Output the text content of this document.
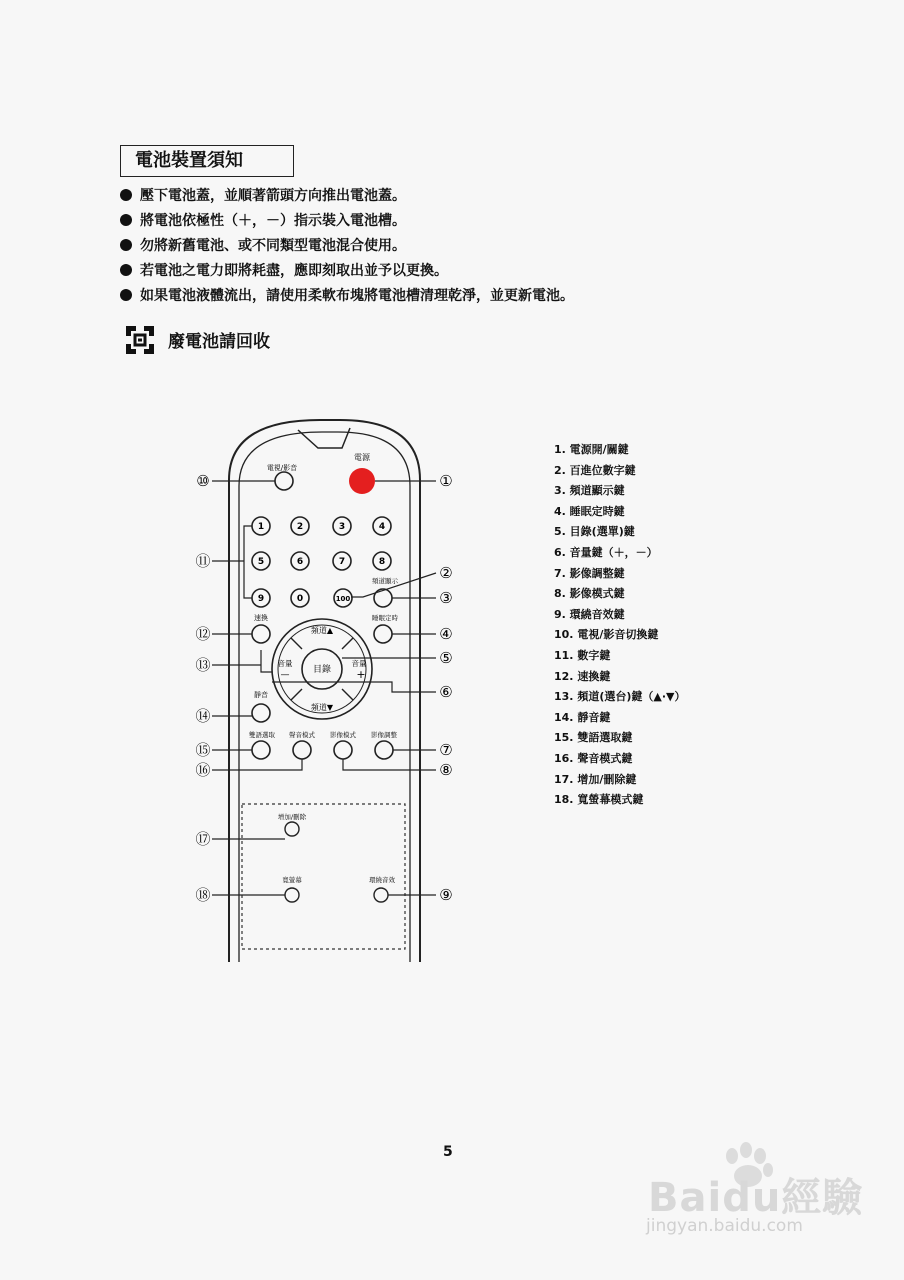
電池裝置須知
壓下電池蓋，並順著箭頭方向推出電池蓋。
將電池依極性（＋，－）指示裝入電池槽。
勿將新舊電池、或不同類型電池混合使用。
若電池之電力即將耗盡，應即刻取出並予以更換。
如果電池液體流出，請使用柔軟布塊將電池槽清理乾淨，並更新電池。
廢電池請回收
電視/影音
電源
1	2	3	4
5	6	7	8
9	0	100
頻道顯示
速換	睡眠定時
目錄
頻道▲
頻道▼
音量
—
音量
+
靜音
雙語選取 聲音模式 影像模式 影像調整
增加/刪除
寬螢幕	環繞音效
⑩	①
⑪
②
③
⑫	④
⑬	⑤
⑥
⑭
⑮	⑦
⑯	⑧
⑰
⑱	⑨
1. 電源開/關鍵
2. 百進位數字鍵
3. 頻道顯示鍵
4. 睡眠定時鍵
5. 目錄(選單)鍵
6. 音量鍵（＋，－）
7. 影像調整鍵
8. 影像模式鍵
9. 環繞音效鍵
10. 電視/影音切換鍵
11. 數字鍵
12. 速換鍵
13. 頻道(選台)鍵（▲·▼）
14. 靜音鍵
15. 雙語選取鍵
16. 聲音模式鍵
17. 增加/刪除鍵
18. 寬螢幕模式鍵
5
Baidu經驗
jingyan.baidu.com
